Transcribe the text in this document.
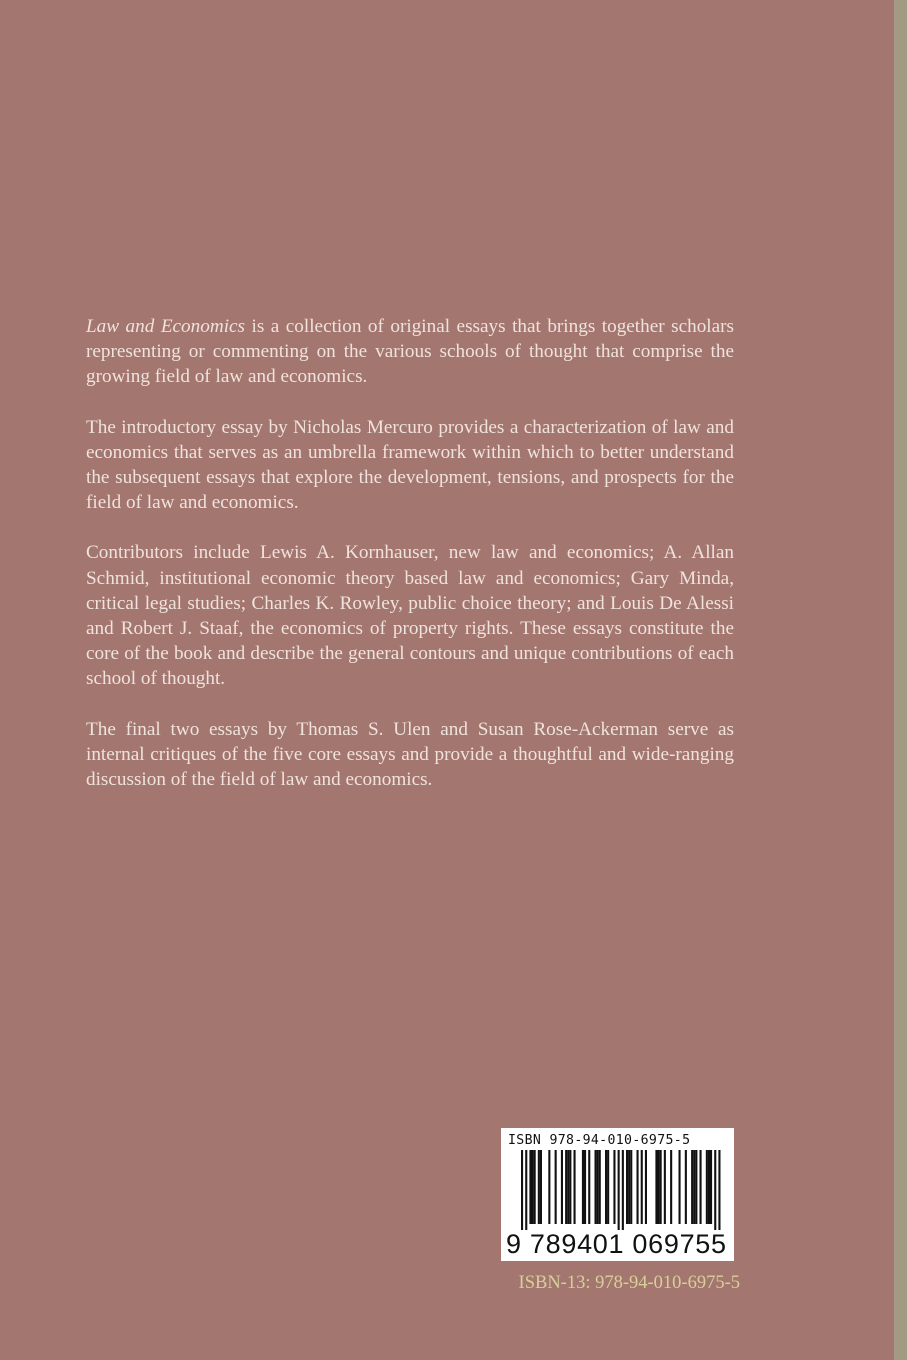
Law and Economics is a collection of original essays that brings together scholars representing or commenting on the various schools of thought that comprise the growing field of law and economics.

The introductory essay by Nicholas Mercuro provides a characterization of law and economics that serves as an umbrella framework within which to better understand the subsequent essays that explore the development, tensions, and prospects for the field of law and economics.

Contributors include Lewis A. Kornhauser, new law and economics; A. Allan Schmid, institutional economic theory based law and economics; Gary Minda, critical legal studies; Charles K. Rowley, public choice theory; and Louis De Alessi and Robert J. Staaf, the economics of property rights. These essays constitute the core of the book and describe the general contours and unique contributions of each school of thought.

The final two essays by Thomas S. Ulen and Susan Rose-Ackerman serve as internal critiques of the five core essays and provide a thoughtful and wide-ranging discussion of the field of law and economics.

ISBN 978-94-010-6975-5
9 789401 069755
ISBN-13: 978-94-010-6975-5
